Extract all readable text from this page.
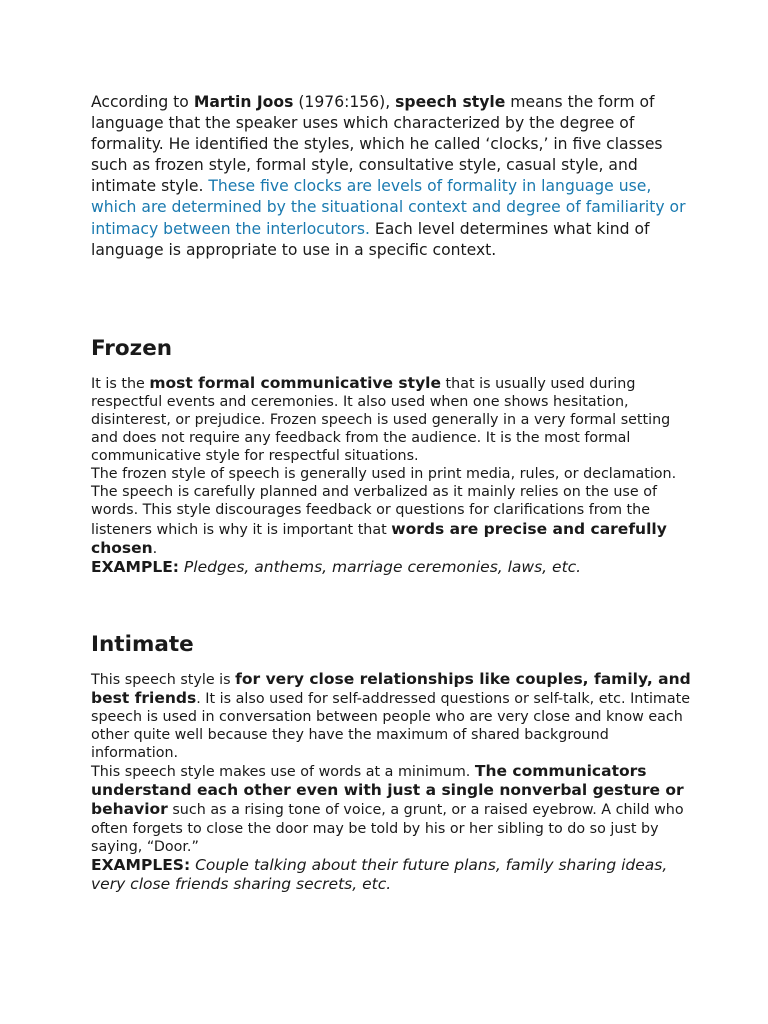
According to Martin Joos (1976:156), speech style means the form of language that the speaker uses which characterized by the degree of formality. He identified the styles, which he called ‘clocks,’ in five classes such as frozen style, formal style, consultative style, casual style, and intimate style. These five clocks are levels of formality in language use, which are determined by the situational context and degree of familiarity or intimacy between the interlocutors. Each level determines what kind of language is appropriate to use in a specific context.

Frozen

It is the most formal communicative style that is usually used during respectful events and ceremonies. It also used when one shows hesitation, disinterest, or prejudice. Frozen speech is used generally in a very formal setting and does not require any feedback from the audience. It is the most formal communicative style for respectful situations.

The frozen style of speech is generally used in print media, rules, or declamation. The speech is carefully planned and verbalized as it mainly relies on the use of words. This style discourages feedback or questions for clarifications from the listeners which is why it is important that words are precise and carefully chosen.

EXAMPLE: Pledges, anthems, marriage ceremonies, laws, etc.

Intimate

This speech style is for very close relationships like couples, family, and best friends. It is also used for self-addressed questions or self-talk, etc. Intimate speech is used in conversation between people who are very close and know each other quite well because they have the maximum of shared background information.

This speech style makes use of words at a minimum. The communicators understand each other even with just a single nonverbal gesture or behavior such as a rising tone of voice, a grunt, or a raised eyebrow. A child who often forgets to close the door may be told by his or her sibling to do so just by saying, “Door.”

EXAMPLES: Couple talking about their future plans, family sharing ideas, very close friends sharing secrets, etc.
